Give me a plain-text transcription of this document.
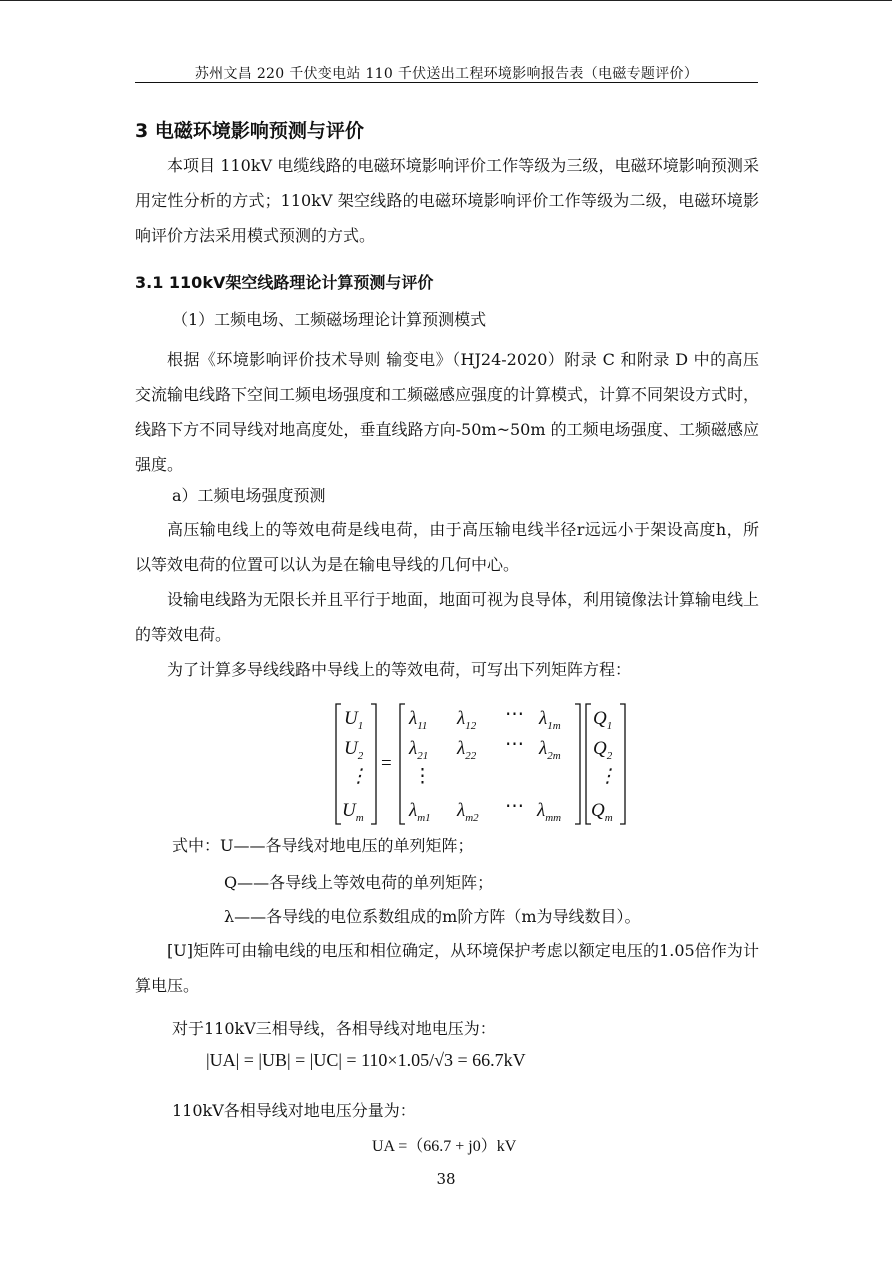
苏州文昌 220 千伏变电站 110 千伏送出工程环境影响报告表（电磁专题评价）
3 电磁环境影响预测与评价

本项目 110kV 电缆线路的电磁环境影响评价工作等级为三级，电磁环境影响预测采用定性分析的方式；110kV 架空线路的电磁环境影响评价工作等级为二级，电磁环境影响评价方法采用模式预测的方式。

3.1 110kV架空线路理论计算预测与评价
（1）工频电场、工频磁场理论计算预测模式

根据《环境影响评价技术导则 输变电》（HJ24-2020）附录 C 和附录 D 中的高压交流输电线路下空间工频电场强度和工频磁感应强度的计算模式，计算不同架设方式时，线路下方不同导线对地高度处，垂直线路方向-50m~50m 的工频电场强度、工频磁感应强度。

a）工频电场强度预测

高压输电线上的等效电荷是线电荷，由于高压输电线半径r远远小于架设高度h，所以等效电荷的位置可以认为是在输电导线的几何中心。

设输电线路为无限长并且平行于地面，地面可视为良导体，利用镜像法计算输电线上的等效电荷。

为了计算多导线线路中导线上的等效电荷，可写出下列矩阵方程：

$U_1$
$U_2$
⋮
$U_m$
=
$\lambda_{11}$ $\lambda_{12}$
⋯ $\lambda_{1m}$
$\lambda_{21}$ $\lambda_{22}$
⋯ $\lambda_{2m}$
⋮
$\lambda_{m1}$ $\lambda_{m2}$
⋯ $\lambda_{mm}$
$Q_1$
$Q_2$
⋮
$Q_m$
式中：U——各导线对地电压的单列矩阵；
Q——各导线上等效电荷的单列矩阵；
λ——各导线的电位系数组成的m阶方阵（m为导线数目）。

[U]矩阵可由输电线的电压和相位确定，从环境保护考虑以额定电压的1.05倍作为计算电压。

对于110kV三相导线，各相导线对地电压为：
|UA| = |UB| = |UC| = 110×1.05/√3 = 66.7kV
110kV各相导线对地电压分量为：
UA =（66.7 + j0）kV
38
